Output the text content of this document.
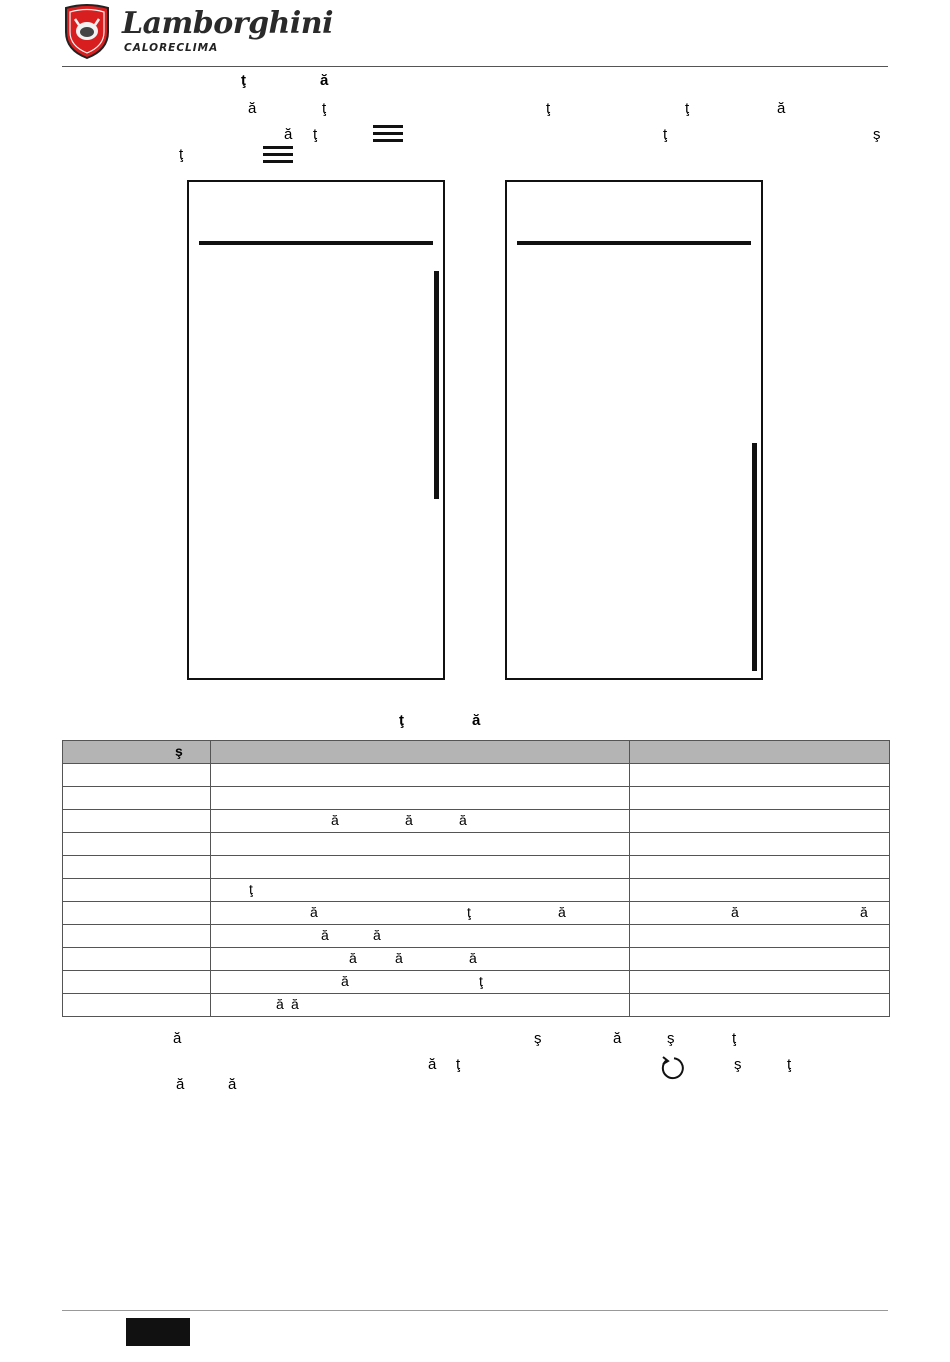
Lamborghini
CALORECLIMA
ţ	ă
ă	ţ	ţ	ţ	ă
ă ţ	ţ	ş
ţ
ţ	ă
ş		

	ă ă ă	

	ţ	

	ă ţ ă	ă ă

	ă ă	

	ă ă ă	

	ă ţ	

	ă ă	

ă	ş	ă	ş	ţ
ă ţ	ş	ţ
ă	ă
